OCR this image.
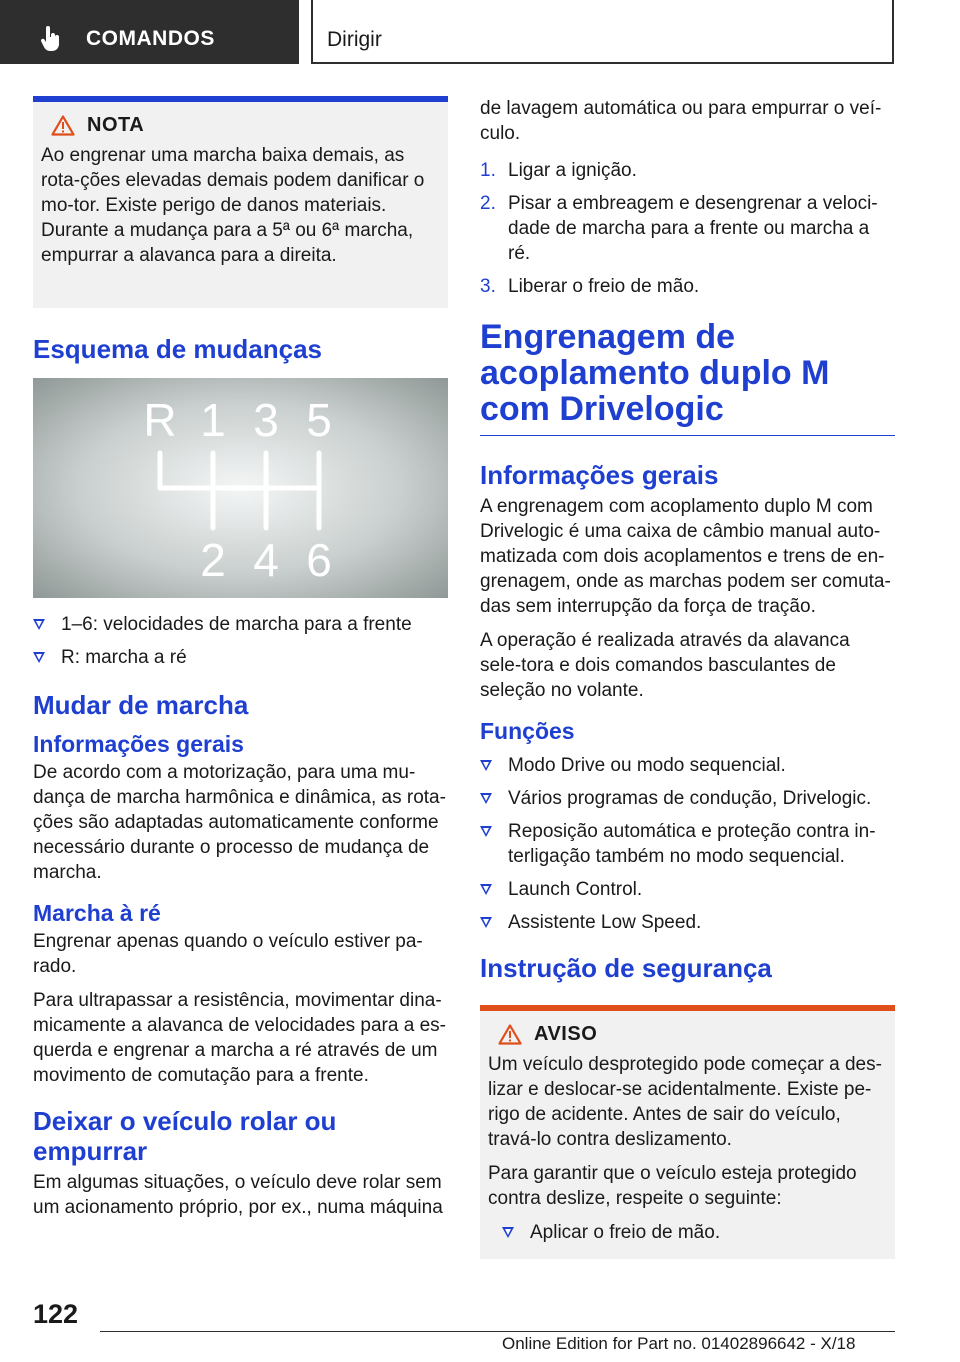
COMANDOS	Dirigir
NOTA

Ao engrenar uma marcha baixa demais, as rota-ções elevadas demais podem danificar o mo-tor. Existe perigo de danos materiais. Durante a mudança para a 5ª ou 6ª marcha, empurrar a alavanca para a direita.

Esquema de mudanças
R 1 3 5
2 4 6
1–6: velocidades de marcha para a frente
R: marcha a ré
Mudar de marcha
Informações gerais

De acordo com a motorização, para uma mu-dança de marcha harmônica e dinâmica, as rota-ções são adaptadas automaticamente conforme necessário durante o processo de mudança de marcha.

Marcha à ré

Engrenar apenas quando o veículo estiver pa-rado.

Para ultrapassar a resistência, movimentar dina-micamente a alavanca de velocidades para a es-querda e engrenar a marcha a ré através de um movimento de comutação para a frente.

Deixar o veículo rolar ou empurrar

Em algumas situações, o veículo deve rolar sem um acionamento próprio, por ex., numa máquina

de lavagem automática ou para empurrar o veí-culo.

1. Ligar a ignição.
2. Pisar a embreagem e desengrenar a veloci-dade de marcha para a frente ou marcha a ré.
3. Liberar o freio de mão.
Engrenagem de acoplamento duplo M com Drivelogic
Informações gerais

A engrenagem com acoplamento duplo M com Drivelogic é uma caixa de câmbio manual auto-matizada com dois acoplamentos e trens de en-grenagem, onde as marchas podem ser comuta-das sem interrupção da força de tração.

A operação é realizada através da alavanca sele-tora e dois comandos basculantes de seleção no volante.

Funções
Modo Drive ou modo sequencial.
Vários programas de condução, Drivelogic.
Reposição automática e proteção contra in-terligação também no modo sequencial.
Launch Control.
Assistente Low Speed.
Instrução de segurança
AVISO

Um veículo desprotegido pode começar a des-lizar e deslocar-se acidentalmente. Existe pe-rigo de acidente. Antes de sair do veículo, travá-lo contra deslizamento.

Para garantir que o veículo esteja protegido contra deslize, respeite o seguinte:

Aplicar o freio de mão.
122
Online Edition for Part no. 01402896642 - X/18
